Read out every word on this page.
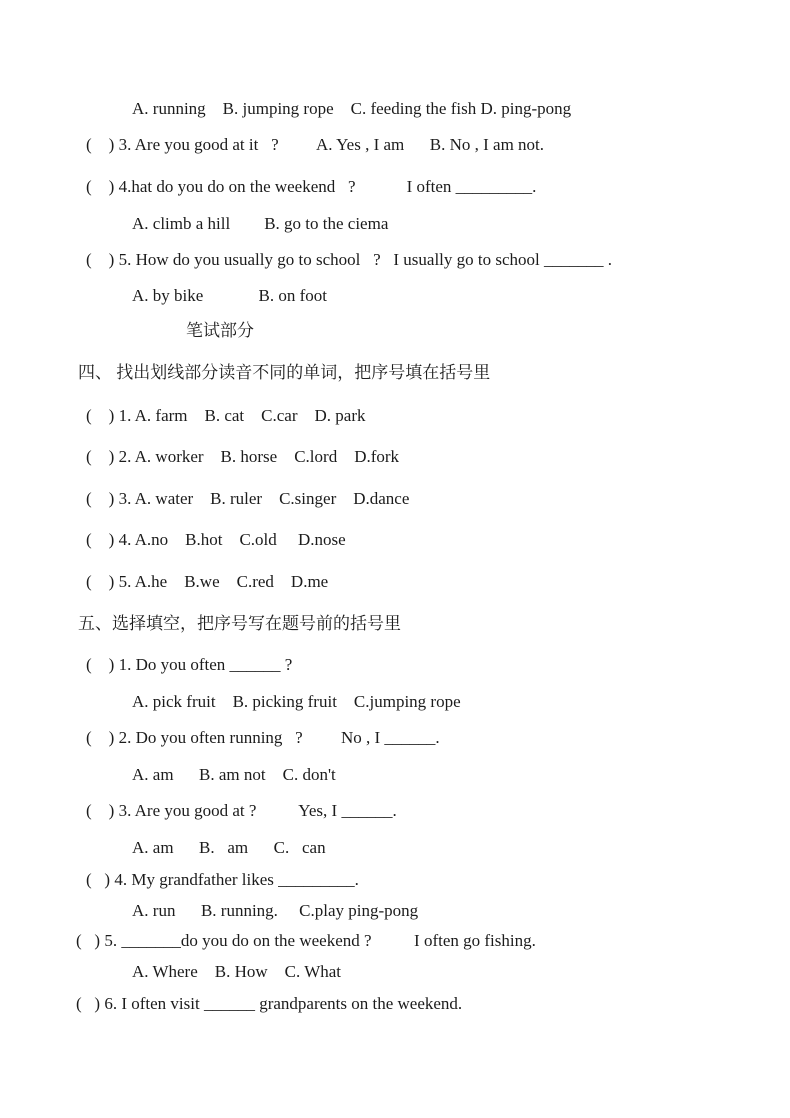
A. running    B. jumping rope    C. feeding the fish D. ping-pong
(    ) 3. Are you good at it   ?         A. Yes , I am      B. No , I am not.
(    ) 4.hat do you do on the weekend   ?            I often _________.
A. climb a hill        B. go to the ciema
(    ) 5. How do you usually go to school   ?   I usually go to school _______ .
A. by bike             B. on foot
笔试部分
四、 找出划线部分读音不同的单词，把序号填在括号里
(    ) 1. A. farm    B. cat    C.car    D. park
(    ) 2. A. worker    B. horse    C.lord    D.fork
(    ) 3. A. water    B. ruler    C.singer    D.dance
(    ) 4. A.no    B.hot    C.old     D.nose
(    ) 5. A.he    B.we    C.red    D.me
五、选择填空，把序号写在题号前的括号里
(    ) 1. Do you often ______ ?
A. pick fruit    B. picking fruit    C.jumping rope
(    ) 2. Do you often running   ?         No , I ______.
A. am      B. am not    C. don't
(    ) 3. Are you good at ?          Yes, I ______.
A. am      B.   am      C.   can
(   ) 4. My grandfather likes _________.
A. run      B. running.     C.play ping-pong
(   ) 5. _______do you do on the weekend ?          I often go fishing.
A. Where    B. How    C. What
(   ) 6. I often visit ______ grandparents on the weekend.
